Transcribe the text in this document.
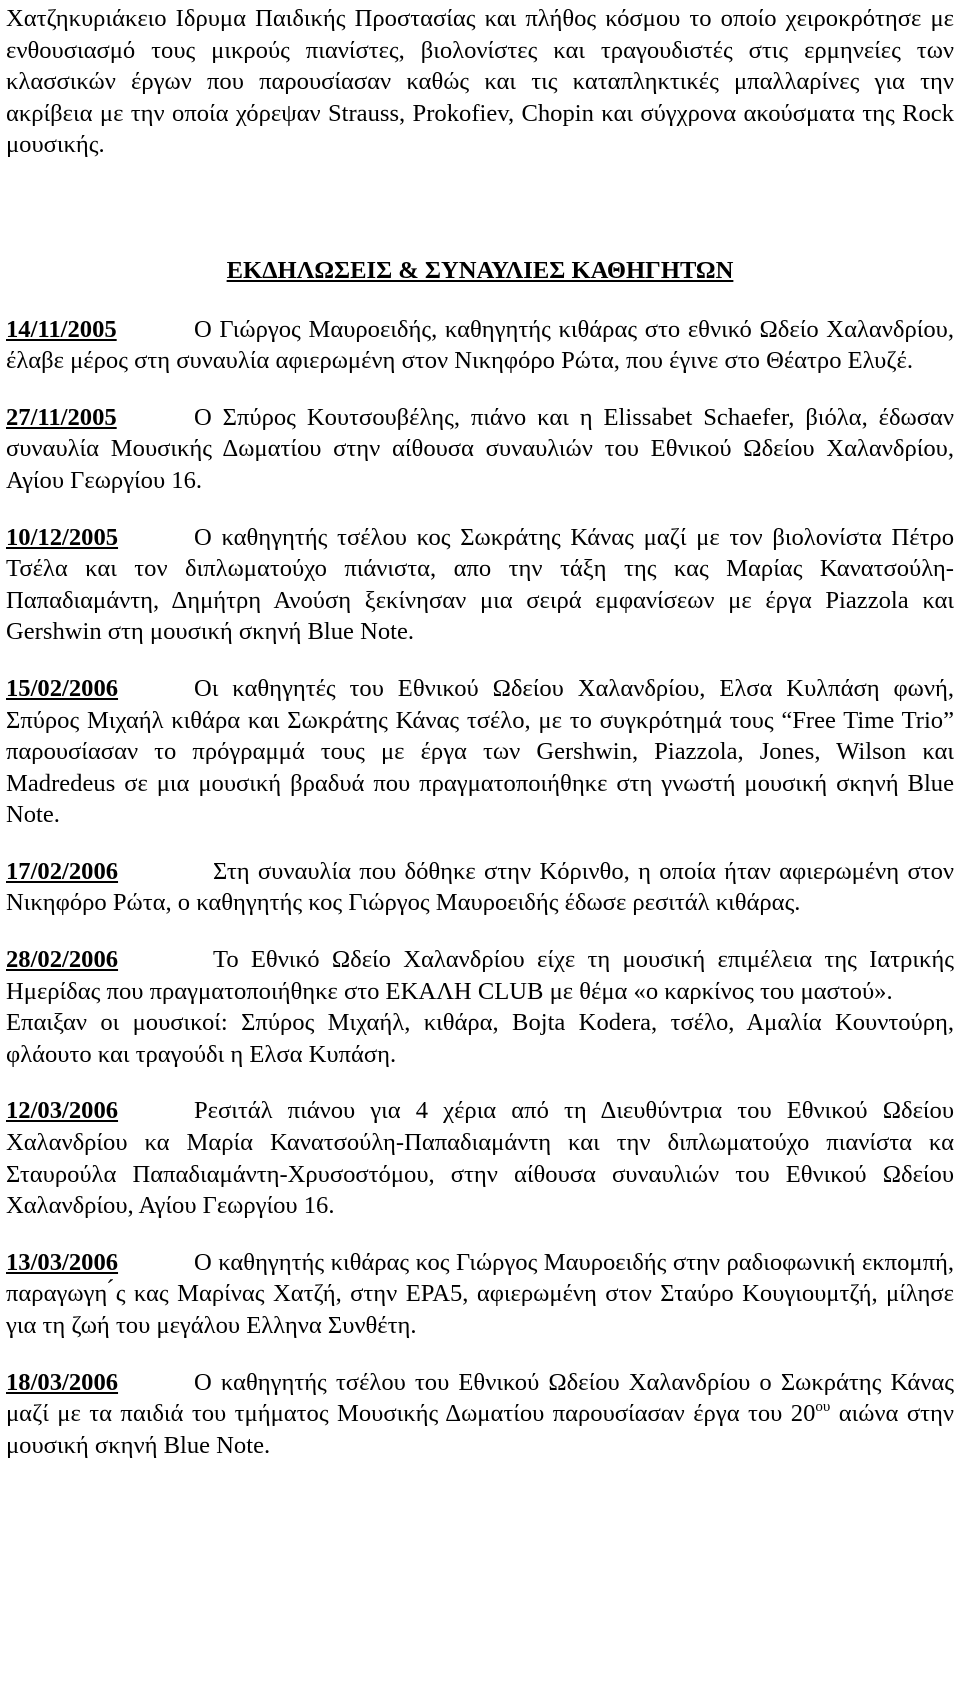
Χατζηκυριάκειο Ιδρυμα Παιδικής Προστασίας και πλήθος κόσμου το οποίο χειροκρότησε με ενθουσιασμό τους μικρούς πιανίστες, βιολονίστες και τραγουδιστές στις ερμηνείες των κλασσικών έργων που παρουσίασαν καθώς και τις καταπληκτικές μπαλλαρίνες για την ακρίβεια με την οποία χόρεψαν Strauss, Prokofiev, Chopin και σύγχρονα ακούσματα της Rock μουσικής.

ΕΚΔΗΛΩΣΕΙΣ & ΣΥΝΑΥΛΙΕΣ ΚΑΘΗΓΗΤΩΝ

14/11/2005	Ο Γιώργος Μαυροειδής, καθηγητής κιθάρας στο εθνικό Ωδείο Χαλανδρίου, έλαβε μέρος στη συναυλία αφιερωμένη στον Νικηφόρο Ρώτα, που έγινε στο Θέατρο Ελυζέ.

27/11/2005	Ο Σπύρος Κουτσουβέλης, πιάνο και η Elissabet Schaefer, βιόλα, έδωσαν συναυλία Μουσικής Δωματίου στην αίθουσα συναυλιών του Εθνικού Ωδείου Χαλανδρίου, Αγίου Γεωργίου 16.

10/12/2005	Ο καθηγητής τσέλου κος Σωκράτης Κάνας μαζί με τον βιολονίστα Πέτρο Τσέλα και τον διπλωματούχο πιάνιστα, απο την τάξη της κας Μαρίας Κανατσούλη-Παπαδιαμάντη, Δημήτρη Ανούση ξεκίνησαν μια σειρά εμφανίσεων με έργα Piazzola και Gershwin στη μουσική σκηνή Blue Note.

15/02/2006	Οι καθηγητές του Εθνικού Ωδείου Χαλανδρίου, Ελσα Κυλπάση φωνή, Σπύρος Μιχαήλ κιθάρα και Σωκράτης Κάνας τσέλο, με το συγκρότημά τους “Free Time Trio” παρουσίασαν το πρόγραμμά τους με έργα των Gershwin, Piazzola, Jones, Wilson και Madredeus σε μια μουσική βραδυά που πραγματοποιήθηκε στη γνωστή μουσική σκηνή Blue Note.

17/02/2006	Στη συναυλία που δόθηκε στην Κόρινθο, η οποία ήταν αφιερωμένη στον Νικηφόρο Ρώτα, ο καθηγητής κος Γιώργος Μαυροειδής έδωσε ρεσιτάλ κιθάρας.

28/02/2006	Το Εθνικό Ωδείο Χαλανδρίου είχε τη μουσική επιμέλεια της Ιατρικής Ημερίδας που πραγματοποιήθηκε στο ΕΚΑΛΗ CLUB με θέμα «ο καρκίνος του μαστού».

Επαιξαν οι μουσικοί: Σπύρος Μιχαήλ, κιθάρα, Bojta Kodera, τσέλο, Αμαλία Κουντούρη, φλάουτο και τραγούδι η Ελσα Κυπάση.

12/03/2006	Ρεσιτάλ πιάνου για 4 χέρια από τη Διευθύντρια του Εθνικού Ωδείου Χαλανδρίου κα Μαρία Κανατσούλη-Παπαδιαμάντη και την διπλωματούχο πιανίστα κα Σταυρούλα Παπαδιαμάντη-Χρυσοστόμου, στην αίθουσα συναυλιών του Εθνικού Ωδείου Χαλανδρίου, Αγίου Γεωργίου 16.

13/03/2006	Ο καθηγητής κιθάρας κος Γιώργος Μαυροειδής στην ραδιοφωνική εκπομπή, παραγωγη ́ς κας Μαρίνας Χατζή, στην ΕΡΑ5, αφιερωμένη στον Σταύρο Κουγιουμτζή, μίλησε για τη ζωή του μεγάλου Ελληνα Συνθέτη.

18/03/2006	Ο καθηγητής τσέλου του Εθνικού Ωδείου Χαλανδρίου ο Σωκράτης Κάνας μαζί με τα παιδιά του τμήματος Μουσικής Δωματίου παρουσίασαν έργα του $20^{o\upsilon}$ αιώνα στην μουσική σκηνή Blue Note.
